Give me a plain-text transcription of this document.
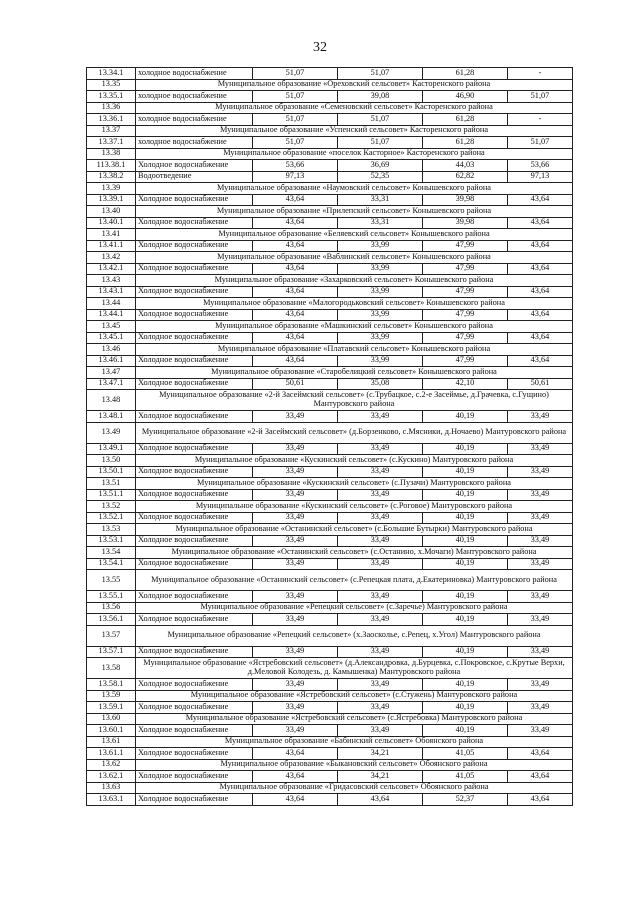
32
13.34.1	холодное водоснабжение	51,07	51,07	61,28	-
13.35	Муниципальное образование «Ореховский сельсовет» Касторенского района				
13.35.1	холодное водоснабжение	51,07	39,08	46,90	51,07
13.36	Муниципальное образование «Семеновский сельсовет» Касторенского района				
13.36.1	холодное водоснабжение	51,07	51,07	61,28	-
13.37	Муниципальное образование «Успенский сельсовет» Касторенского района				
13.37.1	холодное водоснабжение	51,07	51,07	61,28	51,07
13.38	Муниципальное образование «поселок Касторное» Касторенского района				
113.38.1	Холодное водоснабжение	53,66	36,69	44,03	53,66
13.38.2	Водоотведение	97,13	52,35	62,82	97,13
13.39	Муниципальное образование «Наумовский сельсовет» Конышевского района				
13.39.1	Холодное водоснабжение	43,64	33,31	39,98	43,64
13.40	Муниципальное образование «Прилепский сельсовет» Конышевского района				
13.40.1	Холодное водоснабжение	43,64	33,31	39,98	43,64
13.41	Муниципальное образование «Беляевский сельсовет» Конышевского района				
13.41.1	Холодное водоснабжение	43,64	33,99	47,99	43,64
13.42	Муниципальное образование «Ваблинский сельсовет» Конышевского района				
13.42.1	Холодное водоснабжение	43,64	33,99	47,99	43,64
13.43	Муниципальное образование «Захарковский сельсовет» Конышевского района				
13.43.1	Холодное водоснабжение	43,64	33,99	47,99	43,64
13.44	Муниципальное образование «Малогородьковский сельсовет» Конышевского района				
13.44.1	Холодное водоснабжение	43,64	33,99	47,99	43,64
13.45	Муниципальное образование «Машкинский сельсовет» Конышевского района				
13.45.1	Холодное водоснабжение	43,64	33,99	47,99	43,64
13.46	Муниципальное образование «Платавский сельсовет» Конышевского района				
13.46.1	Холодное водоснабжение	43,64	33,99	47,99	43,64
13.47	Муниципальное образование «Старобелицкий сельсовет» Конышевского района				
13.47.1	Холодное водоснабжение	50,61	35,08	42,10	50,61
13.48	Муниципальное образование «2-й Засеймский сельсовет» (с.Трубацкое, с.2-е Засеймье, д.Грачевка, с.Гущино) Мантуровского района				
13.48.1	Холодное водоснабжение	33,49	33,49	40,19	33,49
13.49	Муниципальное образование «2-й Засеймский сельсовет» (д.Борзенково, с.Мясники, д.Ночаево) Мантуровского района				
13.49.1	Холодное водоснабжение	33,49	33,49	40,19	33,49
13.50	Муниципальное образование «Кускинский сельсовет» (с.Кускино) Мантуровского района				
13.50.1	Холодное водоснабжение	33,49	33,49	40,19	33,49
13.51	Муниципальное образование «Кускинский сельсовет» (с.Пузачи) Мантуровского района				
13.51.1	Холодное водоснабжение	33,49	33,49	40,19	33,49
13.52	Муниципальное образование «Кускинский сельсовет» (с.Роговое) Мантуровского района				
13.52.1	Холодное водоснабжение	33,49	33,49	40,19	33,49
13.53	Муниципальное образование «Останинский сельсовет» (с.Большие Бутырки) Мантуровского района				
13.53.1	Холодное водоснабжение	33,49	33,49	40,19	33,49
13.54	Муниципальное образование «Останинский сельсовет» (с.Останино, х.Мочаги) Мантуровского района				
13.54.1	Холодное водоснабжение	33,49	33,49	40,19	33,49
13.55	Муниципальное образование «Останинский сельсовет» (с.Репецкая плата, д.Екатериновка) Мантуровского района				
13.55.1	Холодное водоснабжение	33,49	33,49	40,19	33,49
13.56	Муниципальное образование «Репецкий сельсовет» (с.Заречье) Мантуровского района				
13.56.1	Холодное водоснабжение	33,49	33,49	40,19	33,49
13.57	Муниципальное образование «Репецкий сельсовет» (х.Заосколье, с.Репец, х.Угол) Мантуровского района				
13.57.1	Холодное водоснабжение	33,49	33,49	40,19	33,49
13.58	Муниципальное образование «Ястребовский сельсовет» (д.Александровка, д.Бурцевка, с.Покровское, с.Крутые Верхи, д.Меловой Колодезь, д. Камышенка) Мантуровского района				
13.58.1	Холодное водоснабжение	33,49	33,49	40,19	33,49
13.59	Муниципальное образование «Ястребовский сельсовет» (с.Стужень) Мантуровского района				
13.59.1	Холодное водоснабжение	33,49	33,49	40,19	33,49
13.60	Муниципальное образование «Ястребовский сельсовет» (с.Ястребовка) Мантуровского района				
13.60.1	Холодное водоснабжение	33,49	33,49	40,19	33,49
13.61	Муниципальное образование «Бабинский сельсовет» Обоянского района				
13.61.1	Холодное водоснабжение	43,64	34,21	41,05	43,64
13.62	Муниципальное образование «Быкановский сельсовет» Обоянского района				
13.62.1	Холодное водоснабжение	43,64	34,21	41,05	43,64
13.63	Муниципальное образование «Гридасовский сельсовет» Обоянского района				
13.63.1	Холодное водоснабжение	43,64	43,64	52,37	43,64
